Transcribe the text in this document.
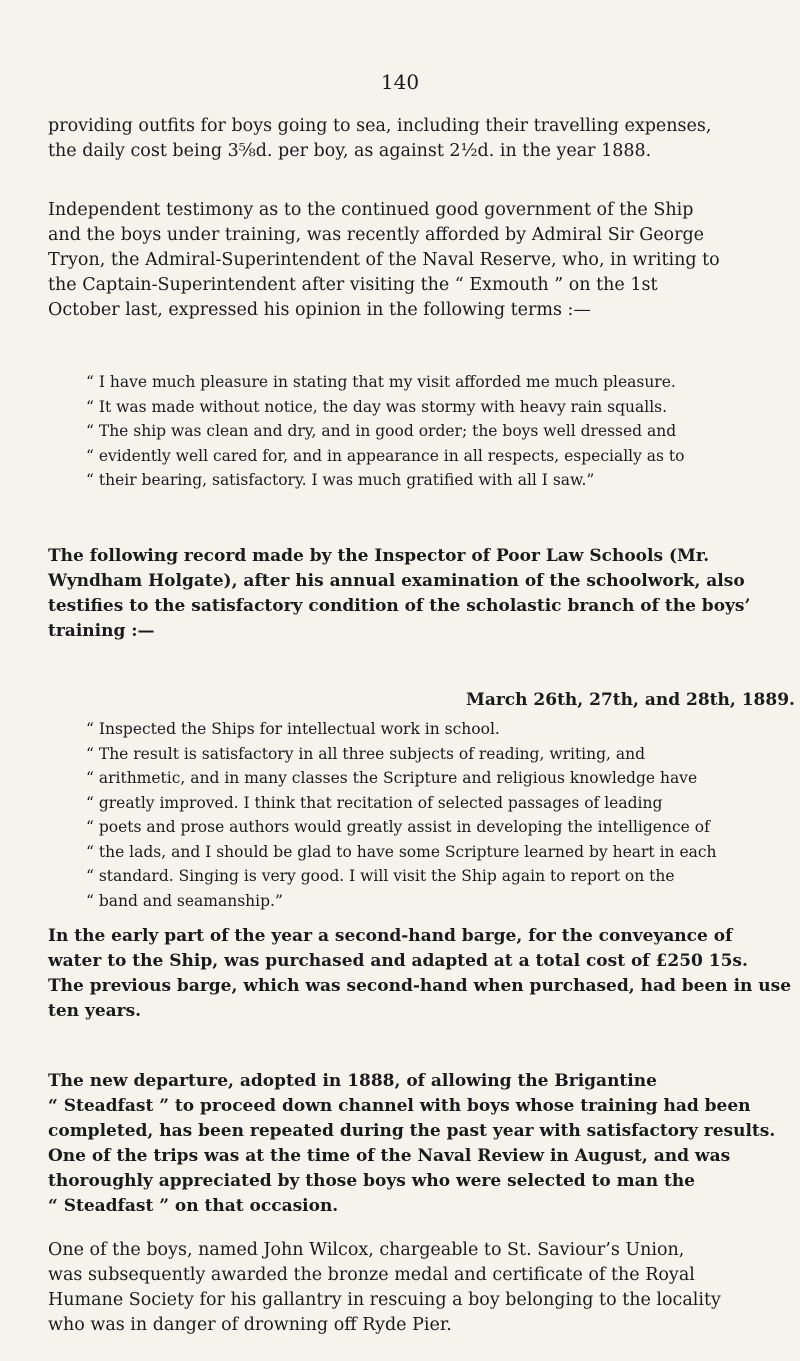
140

providing outfits for boys going to sea, including their travelling expenses,
the daily cost being 3⅝d. per boy, as against 2½d. in the year 1888.

Independent testimony as to the continued good government of the Ship
and the boys under training, was recently afforded by Admiral Sir George
Tryon, the Admiral-Superintendent of the Naval Reserve, who, in writing to
the Captain-Superintendent after visiting the “ Exmouth ” on the 1st
October last, expressed his opinion in the following terms :—

“ I have much pleasure in stating that my visit afforded me much pleasure.
“ It was made without notice, the day was stormy with heavy rain squalls.
“ The ship was clean and dry, and in good order; the boys well dressed and
“ evidently well cared for, and in appearance in all respects, especially as to
“ their bearing, satisfactory. I was much gratified with all I saw.”

The following record made by the Inspector of Poor Law Schools (Mr.
Wyndham Holgate), after his annual examination of the schoolwork, also
testifies to the satisfactory condition of the scholastic branch of the boys’
training :—

March 26th, 27th, and 28th, 1889.

“ Inspected the Ships for intellectual work in school.
“ The result is satisfactory in all three subjects of reading, writing, and
“ arithmetic, and in many classes the Scripture and religious knowledge have
“ greatly improved. I think that recitation of selected passages of leading
“ poets and prose authors would greatly assist in developing the intelligence of
“ the lads, and I should be glad to have some Scripture learned by heart in each
“ standard. Singing is very good. I will visit the Ship again to report on the
“ band and seamanship.”

In the early part of the year a second-hand barge, for the conveyance of
water to the Ship, was purchased and adapted at a total cost of £250 15s.
The previous barge, which was second-hand when purchased, had been in use
ten years.

The new departure, adopted in 1888, of allowing the Brigantine
“ Steadfast ” to proceed down channel with boys whose training had been
completed, has been repeated during the past year with satisfactory results.
One of the trips was at the time of the Naval Review in August, and was
thoroughly appreciated by those boys who were selected to man the
“ Steadfast ” on that occasion.

One of the boys, named John Wilcox, chargeable to St. Saviour’s Union,
was subsequently awarded the bronze medal and certificate of the Royal
Humane Society for his gallantry in rescuing a boy belonging to the locality
who was in danger of drowning off Ryde Pier.
